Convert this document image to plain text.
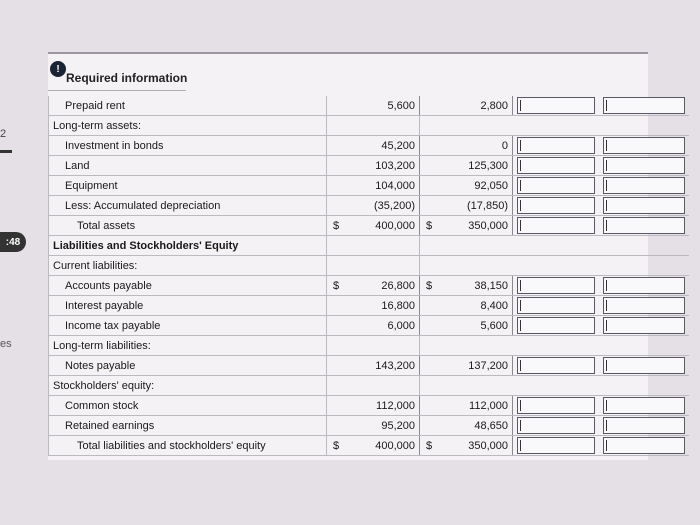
2
:48
es
!
Required information
Prepaid rent		5,600		2,800	

Long-term assets:						
Investment in bonds		45,200		0	

Land		103,200		125,300	

Equipment		104,000		92,050	

Less: Accumulated depreciation		(35,200)		(17,850)	

Total assets	$	400,000	$	350,000	

Liabilities and Stockholders' Equity						
Current liabilities:						
Accounts payable	$	26,800	$	38,150	

Interest payable		16,800		8,400	

Income tax payable		6,000		5,600	

Long-term liabilities:						
Notes payable		143,200		137,200	

Stockholders' equity:						
Common stock		112,000		112,000	

Retained earnings		95,200		48,650	

Total liabilities and stockholders' equity	$	400,000	$	350,000	
